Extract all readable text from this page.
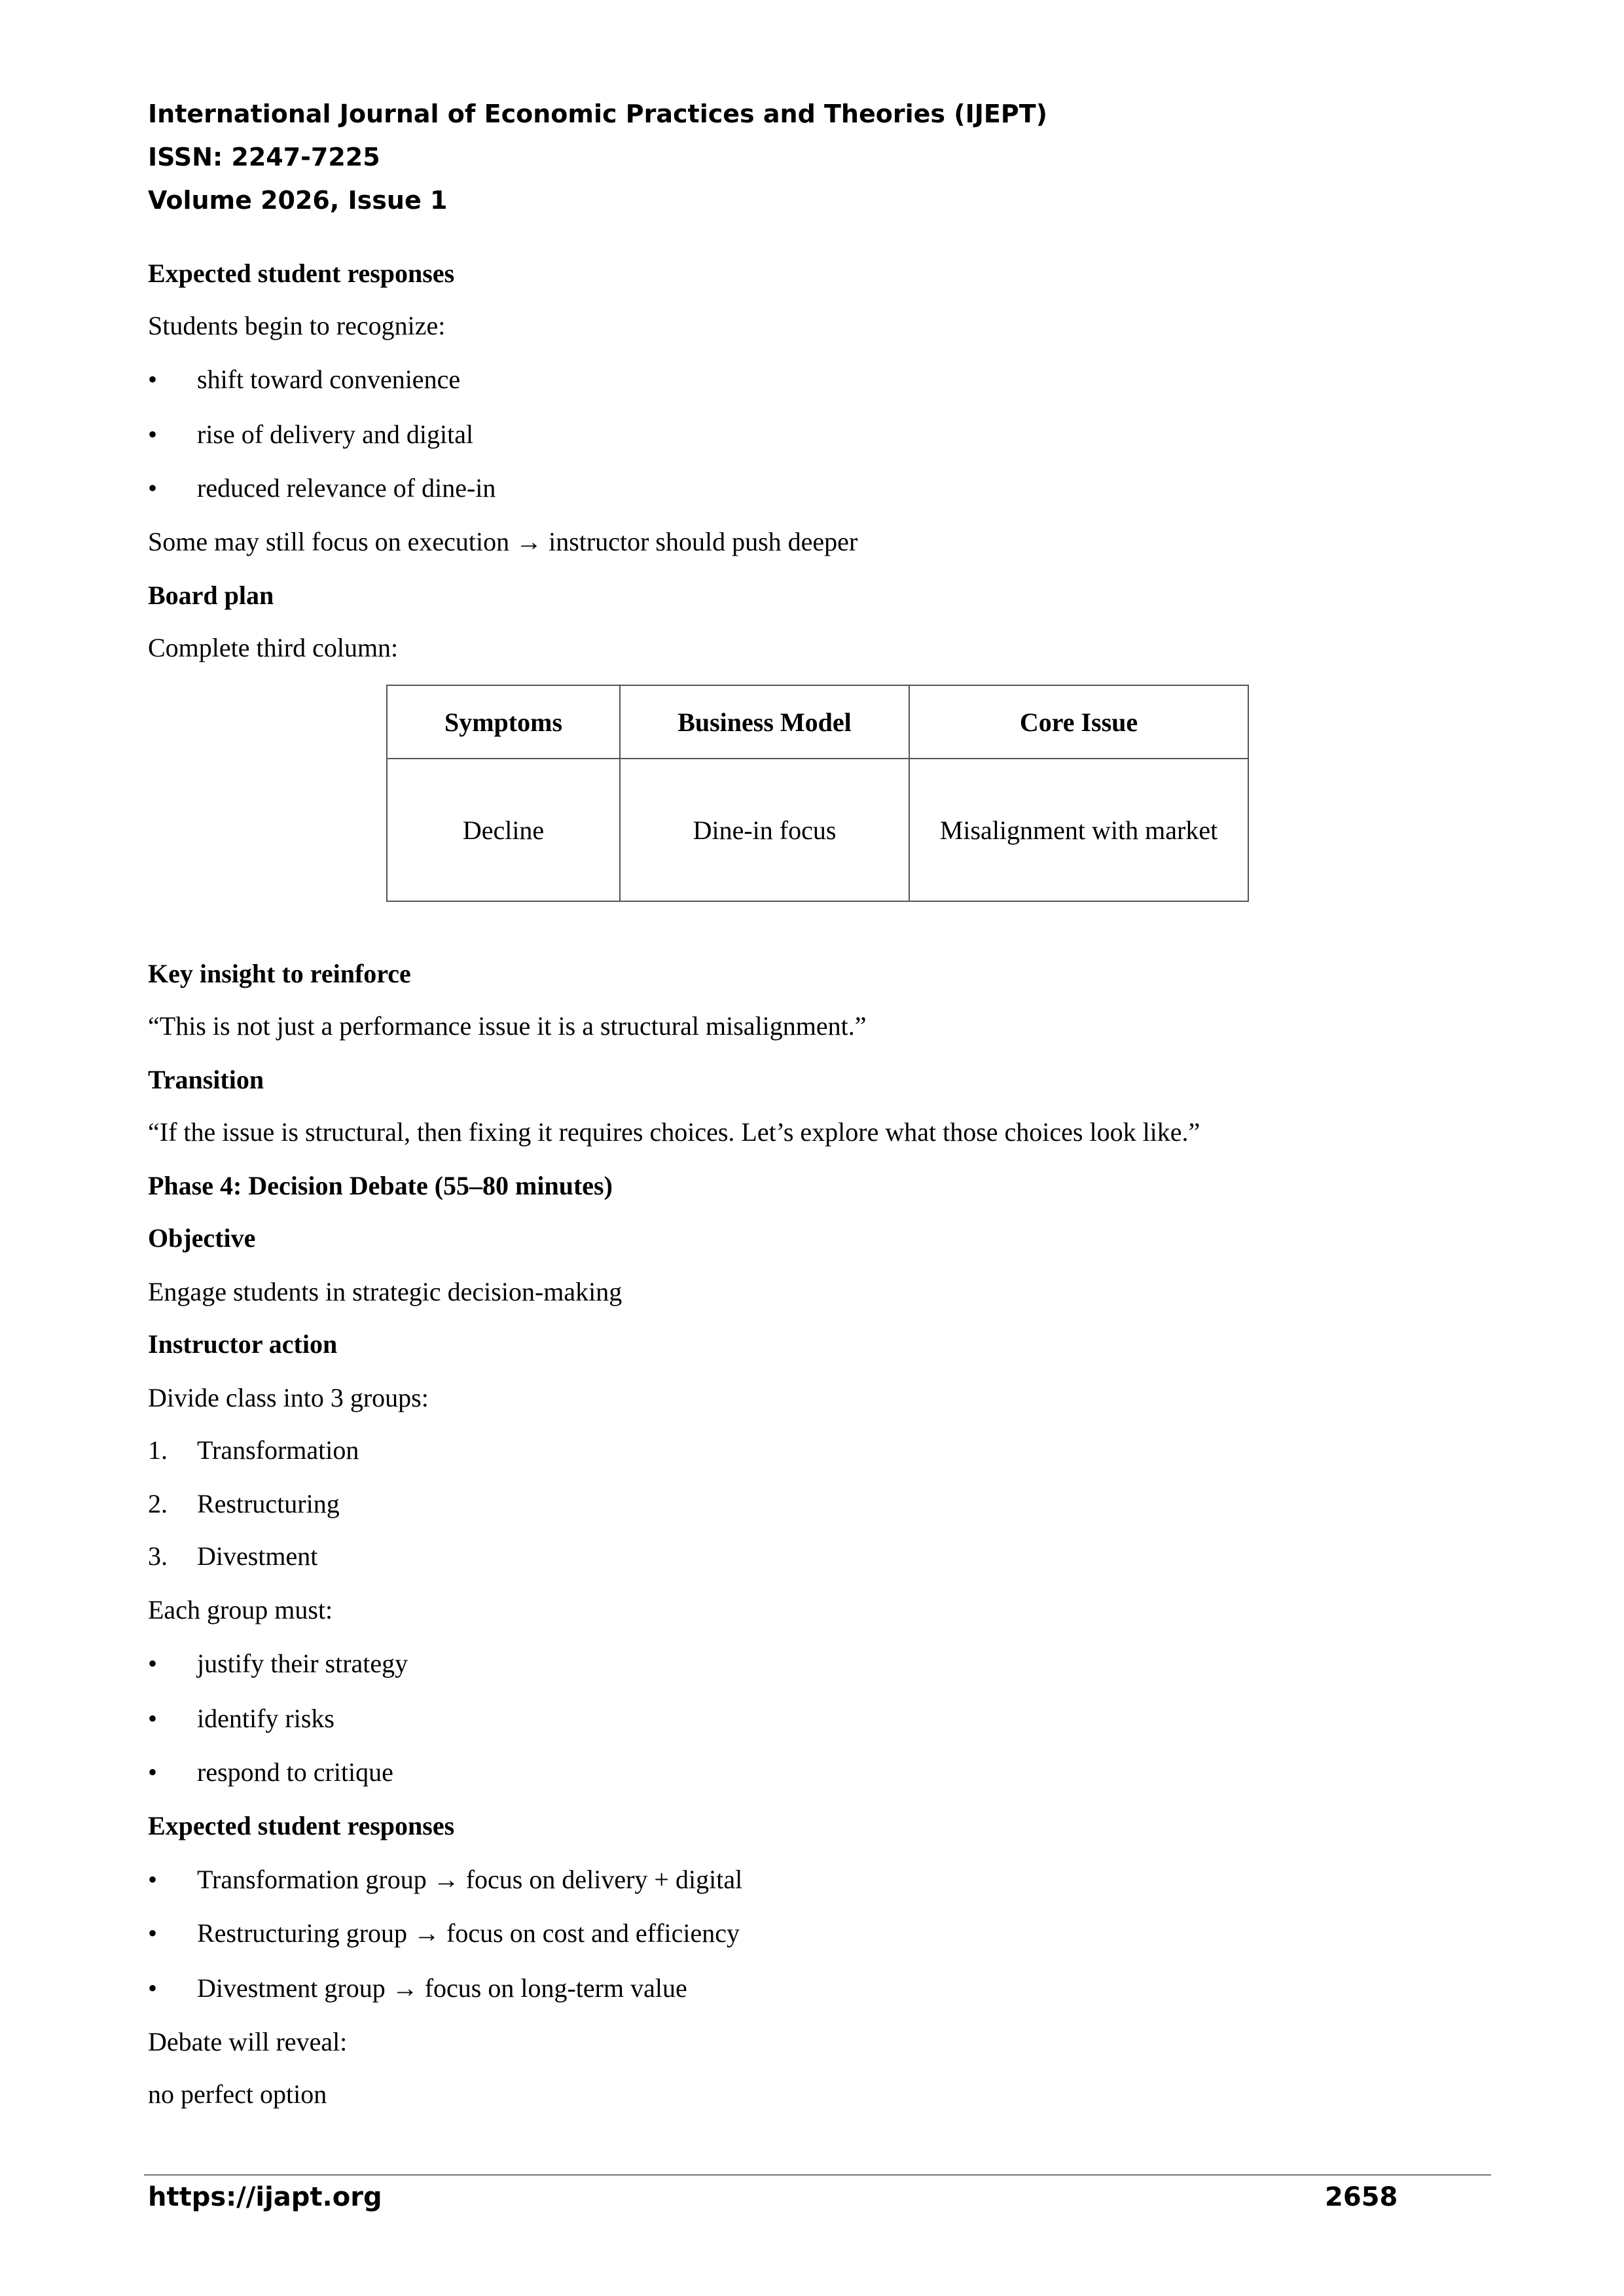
International Journal of Economic Practices and Theories (IJEPT)
ISSN: 2247-7225
Volume 2026, Issue 1
Expected student responses
Students begin to recognize:
• shift toward convenience
• rise of delivery and digital
• reduced relevance of dine-in
Some may still focus on execution → instructor should push deeper
Board plan
Complete third column:
Symptoms	Business Model	Core Issue
Decline	Dine-in focus	Misalignment with market
Key insight to reinforce
“This is not just a performance issue it is a structural misalignment.”
Transition
“If the issue is structural, then fixing it requires choices. Let’s explore what those choices look like.”
Phase 4: Decision Debate (55–80 minutes)
Objective
Engage students in strategic decision-making
Instructor action
Divide class into 3 groups:
1. Transformation
2. Restructuring
3. Divestment
Each group must:
• justify their strategy
• identify risks
• respond to critique
Expected student responses
• Transformation group → focus on delivery + digital
• Restructuring group → focus on cost and efficiency
• Divestment group → focus on long-term value
Debate will reveal:
no perfect option
https://ijapt.org	2658
